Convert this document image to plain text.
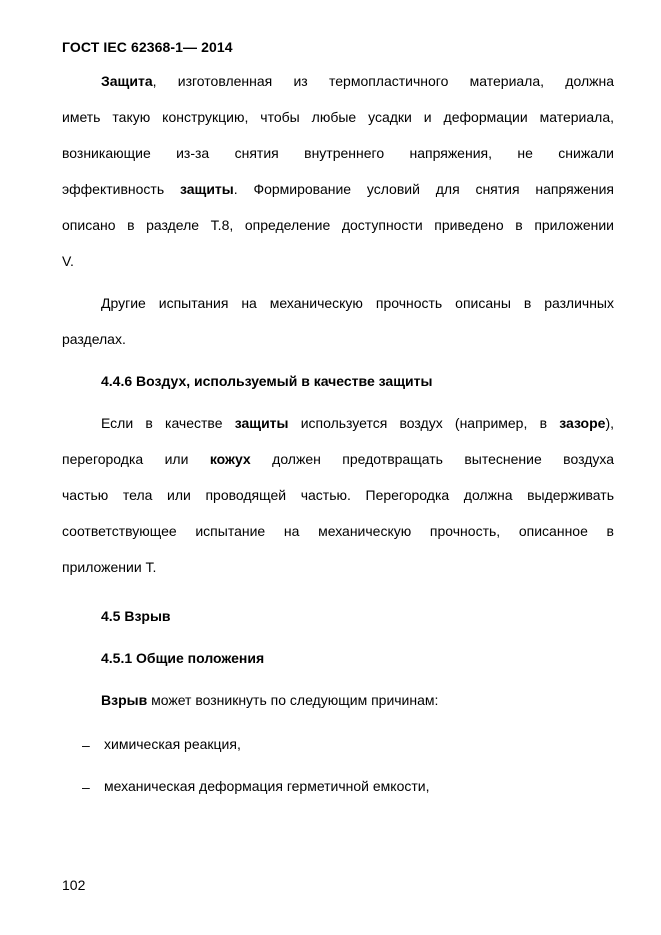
ГОСТ IEC 62368-1— 2014
Защита, изготовленная из термопластичного материала, должна
иметь такую конструкцию, чтобы любые усадки и деформации материала,
возникающие из-за снятия внутреннего напряжения, не снижали
эффективность защиты. Формирование условий для снятия напряжения
описано в разделе Т.8, определение доступности приведено в приложении
V.
Другие испытания на механическую прочность описаны в различных
разделах.
4.4.6 Воздух, используемый в качестве защиты
Если в качестве защиты используется воздух (например, в зазоре),
перегородка или кожух должен предотвращать вытеснение воздуха
частью тела или проводящей частью. Перегородка должна выдерживать
соответствующее испытание на механическую прочность, описанное в
приложении Т.
4.5 Взрыв
4.5.1 Общие положения
Взрыв может возникнуть по следующим причинам:
– химическая реакция,
– механическая деформация герметичной емкости,
102
